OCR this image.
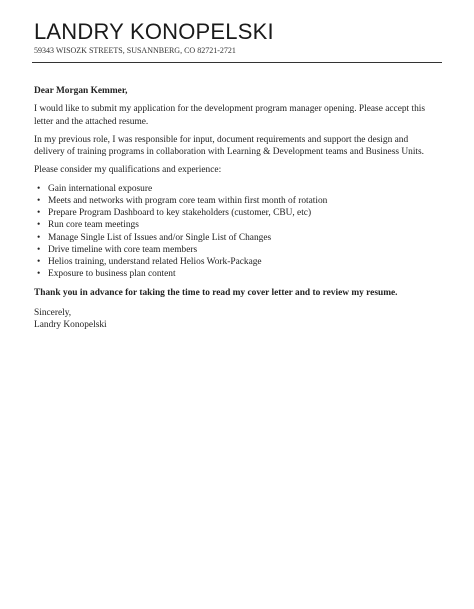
LANDRY KONOPELSKI
59343 WISOZK STREETS, SUSANNBERG, CO 82721-2721

Dear Morgan Kemmer,

I would like to submit my application for the development program manager opening. Please accept this letter and the attached resume.

In my previous role, I was responsible for input, document requirements and support the design and delivery of training programs in collaboration with Learning & Development teams and Business Units.

Please consider my qualifications and experience:

• Gain international exposure
• Meets and networks with program core team within first month of rotation
• Prepare Program Dashboard to key stakeholders (customer, CBU, etc)
• Run core team meetings
• Manage Single List of Issues and/or Single List of Changes
• Drive timeline with core team members
• Helios training, understand related Helios Work-Package
• Exposure to business plan content

Thank you in advance for taking the time to read my cover letter and to review my resume.

Sincerely,

Landry Konopelski
